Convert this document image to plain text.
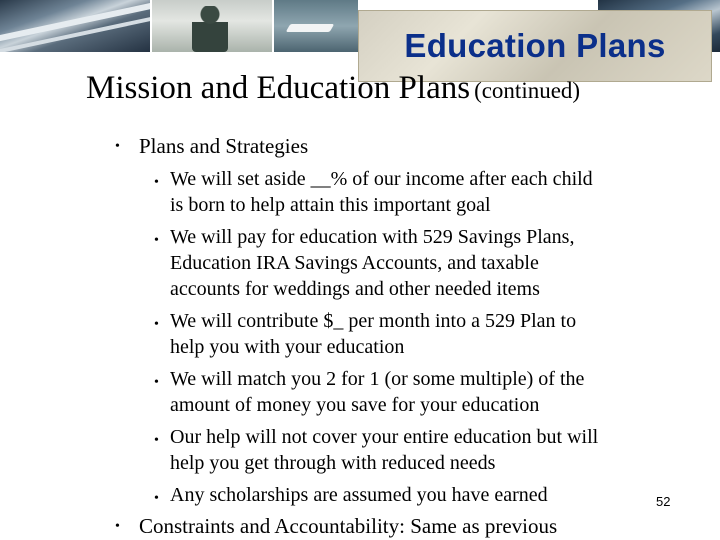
Education Plans
Mission and Education Plans (continued)
• Plans and Strategies
• We will set aside __% of our income after each child
is born to help attain this important goal
• We will pay for education with 529 Savings Plans,
Education IRA Savings Accounts, and taxable
accounts for weddings and other needed items
• We will contribute $_ per month into a 529 Plan to
help you with your education
• We will match you 2 for 1 (or some multiple) of the
amount of money you save for your education
• Our help will not cover your entire education but will
help you get through with reduced needs
• Any scholarships are assumed you have earned
• Constraints and Accountability: Same as previous
52
